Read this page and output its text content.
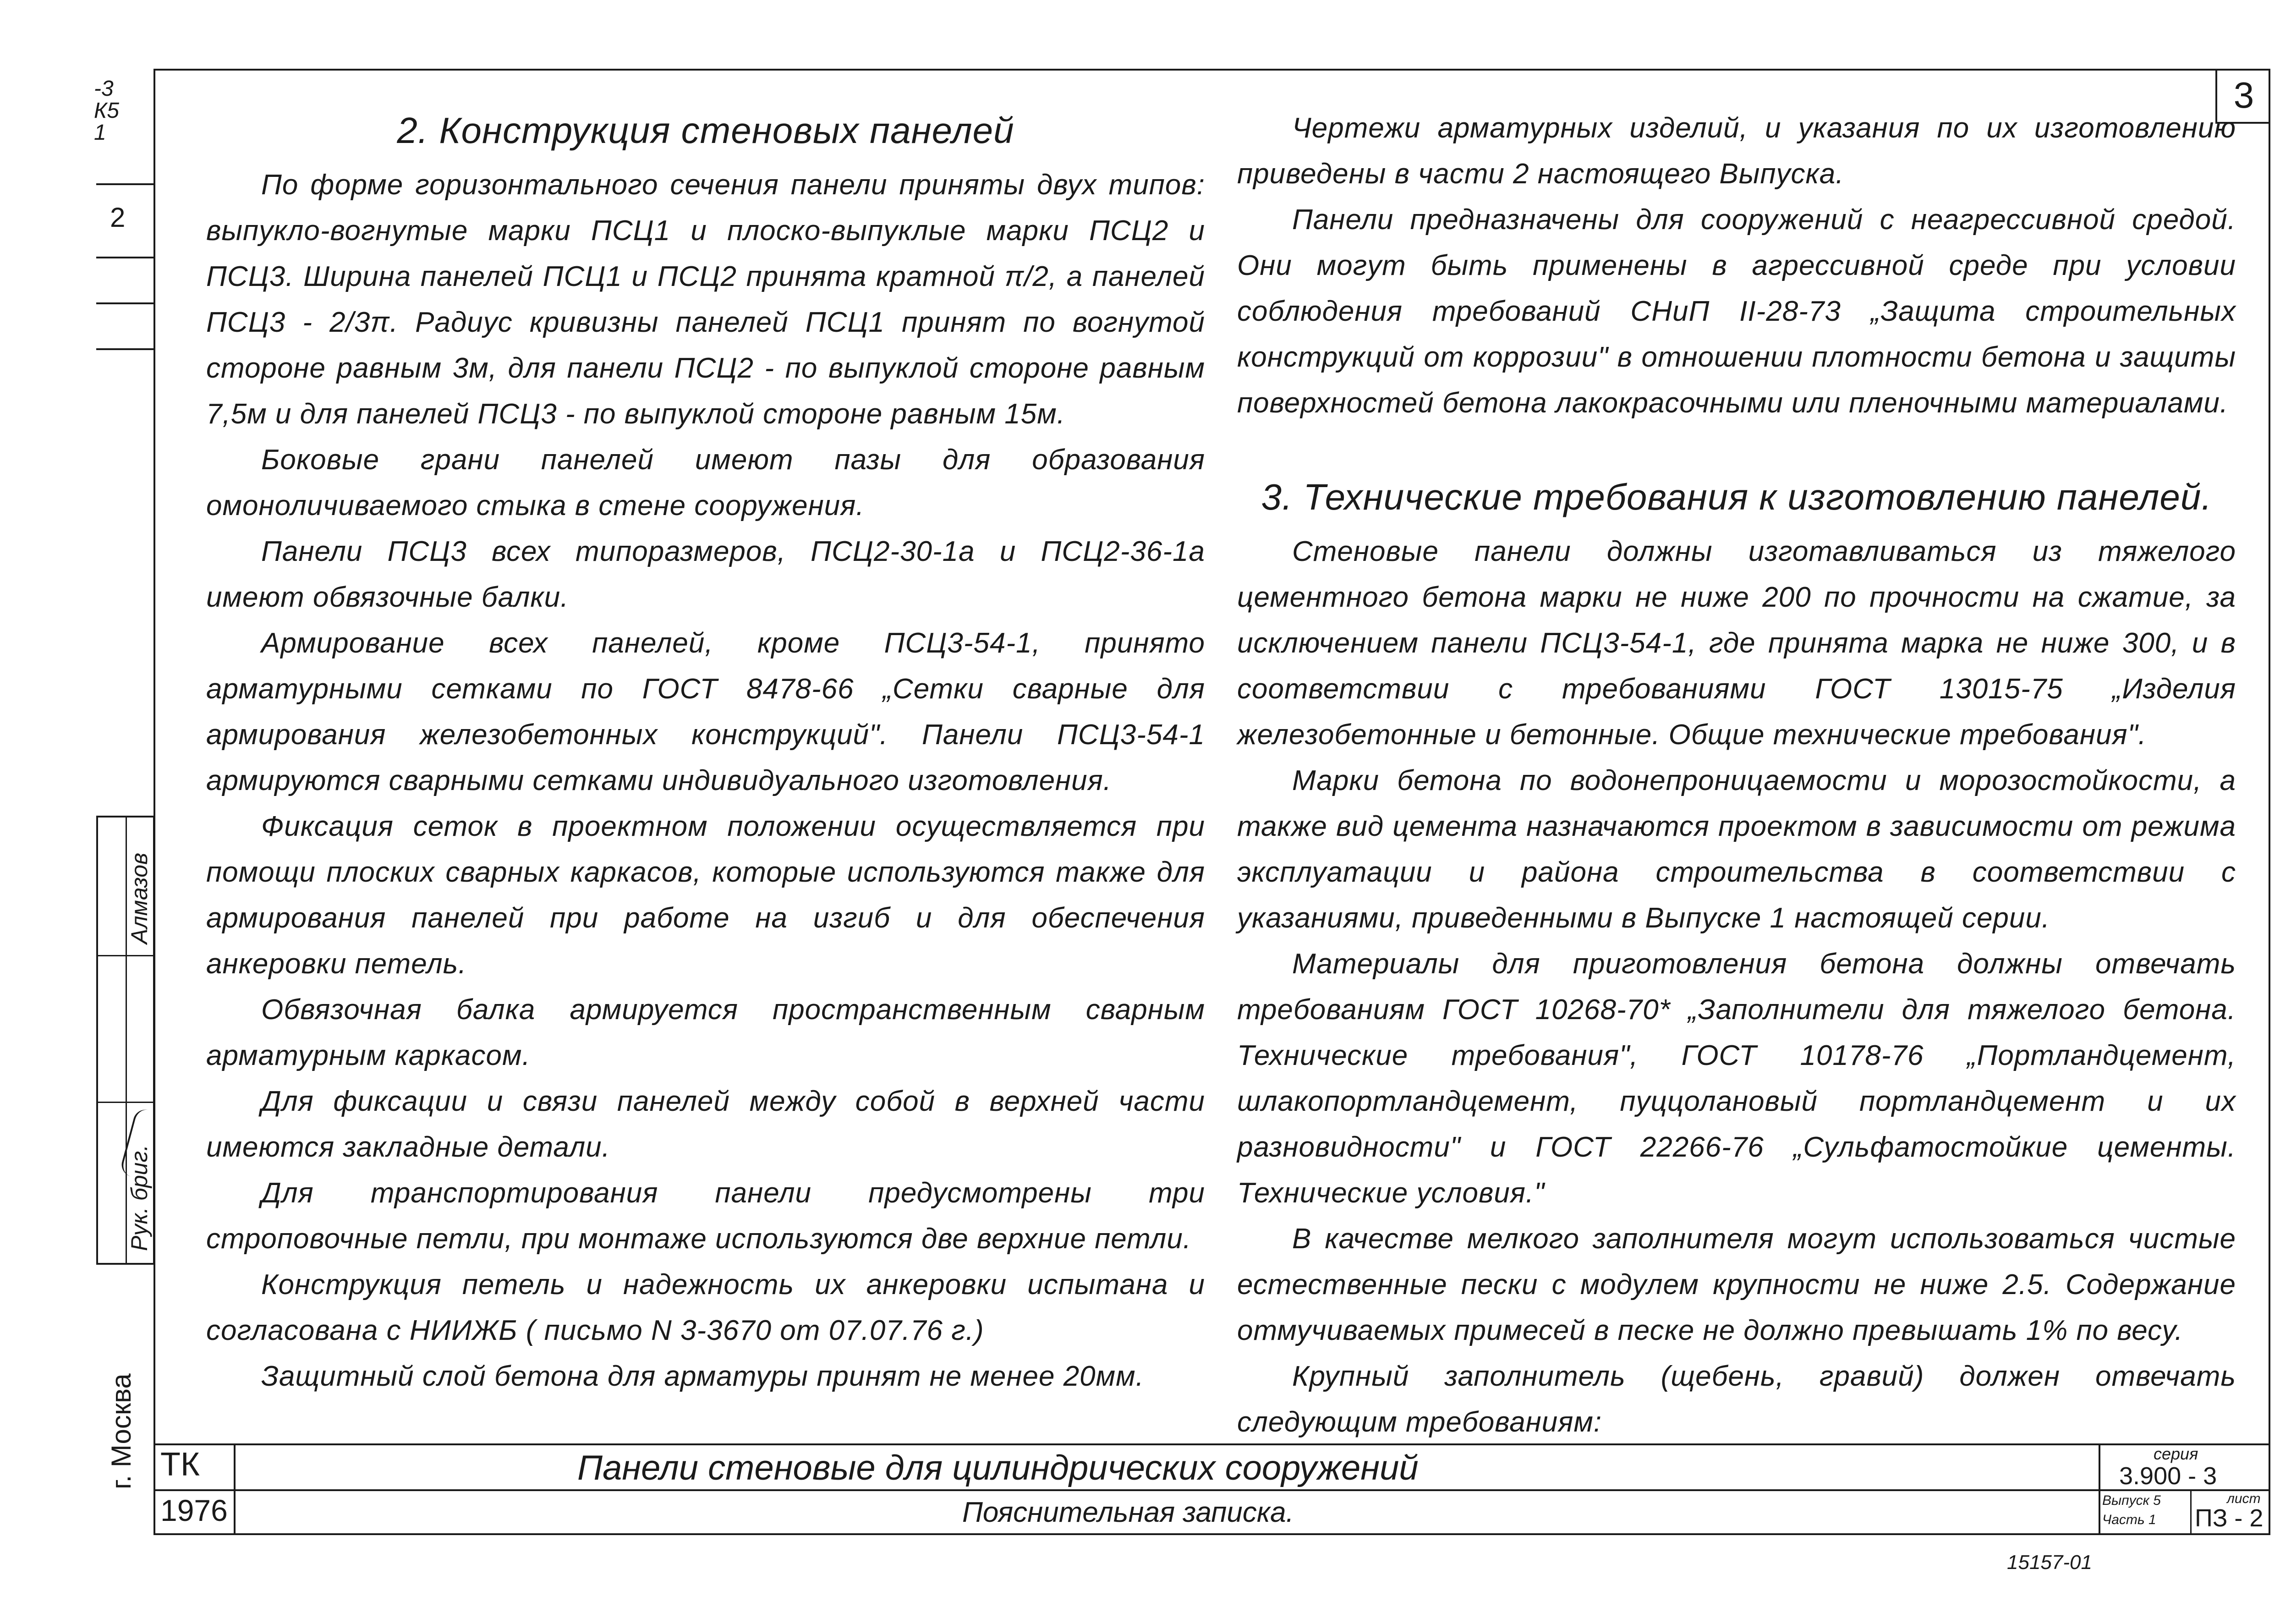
3
-3
К5
1
2
Алмазов
Рук. бриг.
г. Москва
2. Конструкция стеновых панелей

По форме горизонтального сечения панели приняты двух типов: выпукло-вогнутые марки ПСЦ1 и плоско-выпуклые марки ПСЦ2 и ПСЦ3. Ширина панелей ПСЦ1 и ПСЦ2 принята кратной π/2, а панелей ПСЦ3 - 2/3π. Радиус кривизны панелей ПСЦ1 принят по вогнутой стороне равным 3м, для панели ПСЦ2 - по выпуклой стороне равным 7,5м и для панелей ПСЦ3 - по выпуклой стороне равным 15м.

Боковые грани панелей имеют пазы для образования омоноличиваемого стыка в стене сооружения.

Панели ПСЦ3 всех типоразмеров, ПСЦ2-30-1а и ПСЦ2-36-1а имеют обвязочные балки.

Армирование всех панелей, кроме ПСЦ3-54-1, принято арматурными сетками по ГОСТ 8478-66 „Сетки сварные для армирования железобетонных конструкций". Панели ПСЦ3-54-1 армируются сварными сетками индивидуального изготовления.

Фиксация сеток в проектном положении осуществляется при помощи плоских сварных каркасов, которые используются также для армирования панелей при работе на изгиб и для обеспечения анкеровки петель.

Обвязочная балка армируется пространственным сварным арматурным каркасом.

Для фиксации и связи панелей между собой в верхней части имеются закладные детали.

Для транспортирования панели предусмотрены три строповочные петли, при монтаже используются две верхние петли.

Конструкция петель и надежность их анкеровки испытана и согласована с НИИЖБ ( письмо N 3-3670 от 07.07.76 г.)

Защитный слой бетона для арматуры принят не менее 20мм.

Чертежи арматурных изделий, и указания по их изготовлению приведены в части 2 настоящего Выпуска.

Панели предназначены для сооружений с неагрессивной средой. Они могут быть применены в агрессивной среде при условии соблюдения требований СНиП II-28-73 „Защита строительных конструкций от коррозии" в отношении плотности бетона и защиты поверхностей бетона лакокрасочными или пленочными материалами.

3. Технические требования к изготовлению панелей.

Стеновые панели должны изготавливаться из тяжелого цементного бетона марки не ниже 200 по прочности на сжатие, за исключением панели ПСЦ3-54-1, где принята марка не ниже 300, и в соответствии с требованиями ГОСТ 13015-75 „Изделия железобетонные и бетонные. Общие технические требования".

Марки бетона по водонепроницаемости и морозостойкости, а также вид цемента назначаются проектом в зависимости от режима эксплуатации и района строительства в соответствии с указаниями, приведенными в Выпуске 1 настоящей серии.

Материалы для приготовления бетона должны отвечать требованиям ГОСТ 10268-70* „Заполнители для тяжелого бетона. Технические требования", ГОСТ 10178-76 „Портландцемент, шлакопортландцемент, пуццолановый портландцемент и их разновидности" и ГОСТ 22266-76 „Сульфатостойкие цементы. Технические условия."

В качестве мелкого заполнителя могут использоваться чистые естественные пески с модулем крупности не ниже 2.5. Содержание отмучиваемых примесей в песке не должно превышать 1% по весу.

Крупный заполнитель (щебень, гравий) должен отвечать следующим требованиям:

ТК
1976
Панели стеновые для цилиндрических сооружений
Пояснительная записка.
серия
3.900 - 3
Выпуск 5
Часть 1
лист
ПЗ - 2
15157-01
